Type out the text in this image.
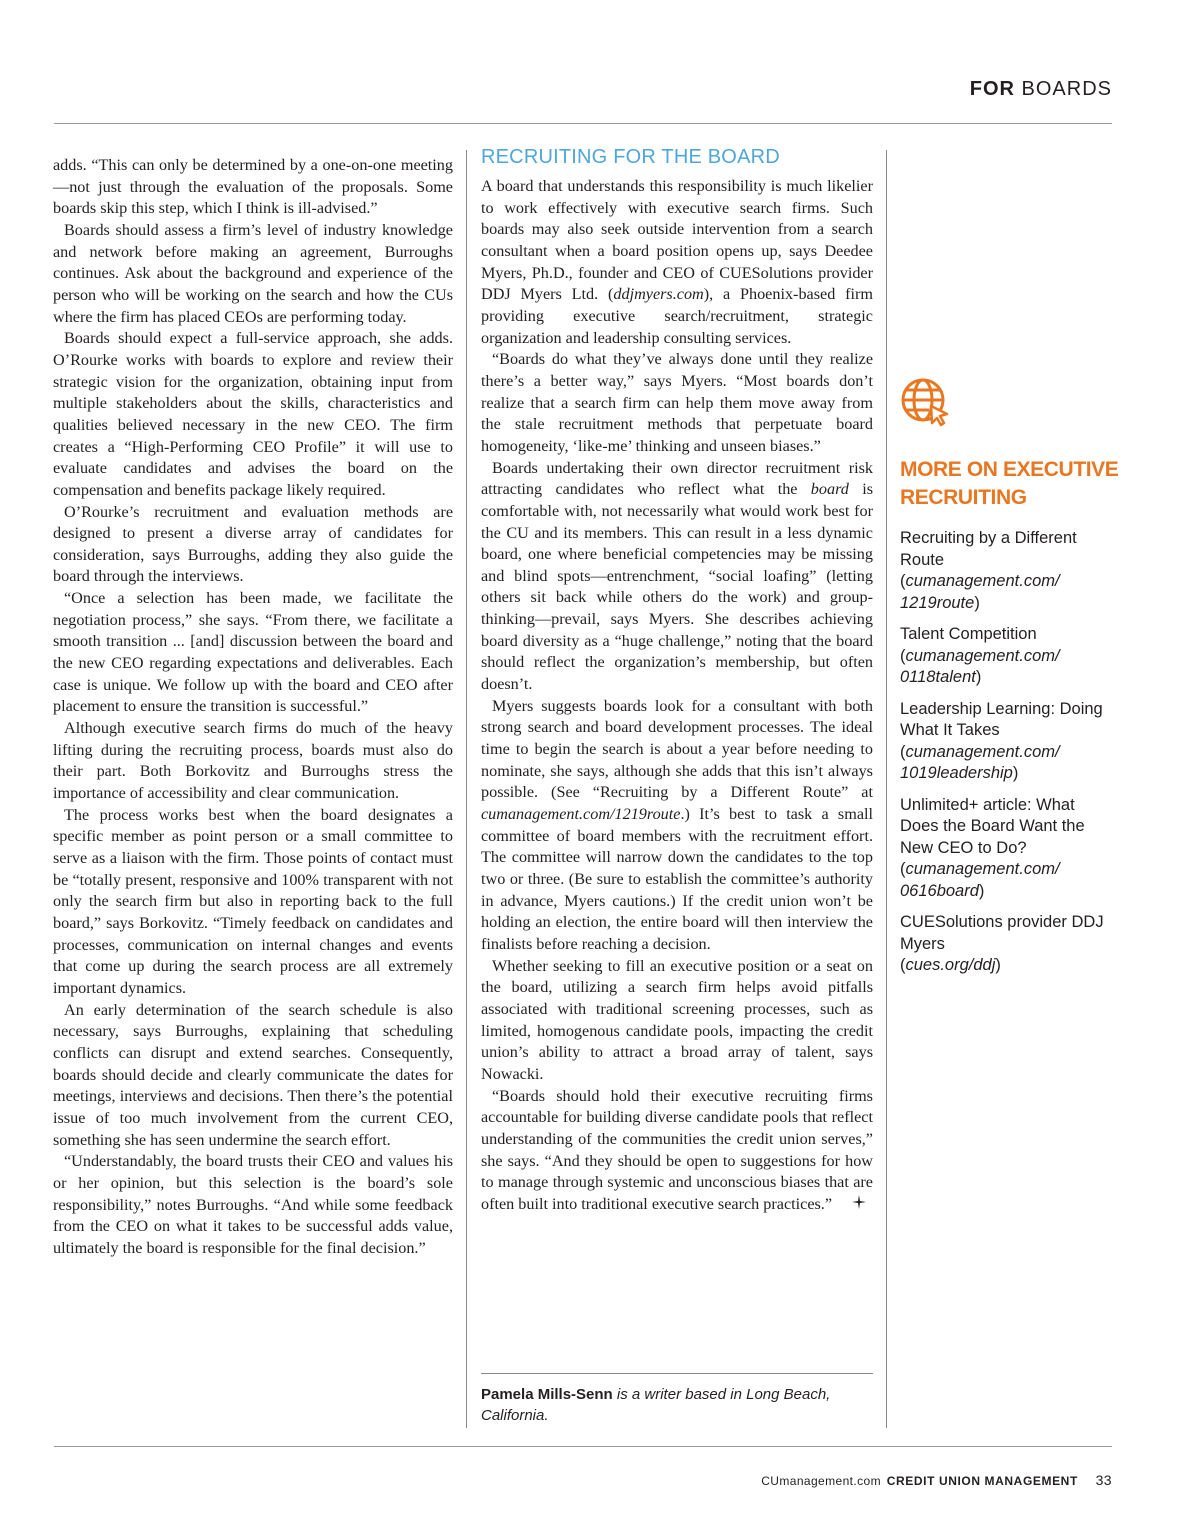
FOR BOARDS

adds. “This can only be determined by a one-on-one meeting—not just through the evaluation of the proposals. Some boards skip this step, which I think is ill-advised.”

Boards should assess a firm’s level of industry knowledge and network before making an agreement, Burroughs continues. Ask about the background and experience of the person who will be working on the search and how the CUs where the firm has placed CEOs are performing today.

Boards should expect a full-service approach, she adds. O’Rourke works with boards to explore and review their strategic vision for the organization, obtaining input from multiple stakeholders about the skills, characteristics and qualities believed necessary in the new CEO. The firm creates a “High-Performing CEO Profile” it will use to evaluate candidates and advises the board on the compensation and benefits package likely required.

O’Rourke’s recruitment and evaluation methods are designed to present a diverse array of candidates for consideration, says Burroughs, adding they also guide the board through the interviews.

“Once a selection has been made, we facilitate the negotiation process,” she says. “From there, we facilitate a smooth transition ... [and] discussion between the board and the new CEO regarding expectations and deliverables. Each case is unique. We follow up with the board and CEO after placement to ensure the transition is successful.”

Although executive search firms do much of the heavy lifting during the recruiting process, boards must also do their part. Both Borkovitz and Burroughs stress the importance of accessibility and clear communication.

The process works best when the board designates a specific member as point person or a small committee to serve as a liaison with the firm. Those points of contact must be “totally present, responsive and 100% transparent with not only the search firm but also in reporting back to the full board,” says Borkovitz. “Timely feedback on candidates and processes, communication on internal changes and events that come up during the search process are all extremely important dynamics.

An early determination of the search schedule is also necessary, says Burroughs, explaining that scheduling conflicts can disrupt and extend searches. Consequently, boards should decide and clearly communicate the dates for meetings, interviews and decisions. Then there’s the potential issue of too much involvement from the current CEO, something she has seen undermine the search effort.

“Understandably, the board trusts their CEO and values his or her opinion, but this selection is the board’s sole responsibility,” notes Burroughs. “And while some feedback from the CEO on what it takes to be successful adds value, ultimately the board is responsible for the final decision.”

RECRUITING FOR THE BOARD

A board that understands this responsibility is much likelier to work effectively with executive search firms. Such boards may also seek outside intervention from a search consultant when a board position opens up, says Deedee Myers, Ph.D., founder and CEO of CUESolutions provider DDJ Myers Ltd. (ddjmyers.com), a Phoenix-based firm providing executive search/recruitment, strategic organization and leadership consulting services.

“Boards do what they’ve always done until they realize there’s a better way,” says Myers. “Most boards don’t realize that a search firm can help them move away from the stale recruitment methods that perpetuate board homogeneity, ‘like-me’ thinking and unseen biases.”

Boards undertaking their own director recruitment risk attracting candidates who reflect what the board is comfortable with, not necessarily what would work best for the CU and its members. This can result in a less dynamic board, one where beneficial competencies may be missing and blind spots—entrenchment, “social loafing” (letting others sit back while others do the work) and group-thinking—prevail, says Myers. She describes achieving board diversity as a “huge challenge,” noting that the board should reflect the organization’s membership, but often doesn’t.

Myers suggests boards look for a consultant with both strong search and board development processes. The ideal time to begin the search is about a year before needing to nominate, she says, although she adds that this isn’t always possible. (See “Recruiting by a Different Route” at cumanagement.com/1219route.) It’s best to task a small committee of board members with the recruitment effort. The committee will narrow down the candidates to the top two or three. (Be sure to establish the committee’s authority in advance, Myers cautions.) If the credit union won’t be holding an election, the entire board will then interview the finalists before reaching a decision.

Whether seeking to fill an executive position or a seat on the board, utilizing a search firm helps avoid pitfalls associated with traditional screening processes, such as limited, homogenous candidate pools, impacting the credit union’s ability to attract a broad array of talent, says Nowacki.

“Boards should hold their executive recruiting firms accountable for building diverse candidate pools that reflect understanding of the communities the credit union serves,” she says. “And they should be open to suggestions for how to manage through systemic and unconscious biases that are often built into traditional executive search practices.”

Pamela Mills-Senn is a writer based in Long Beach, California.
MORE ON EXECUTIVE RECRUITING
Recruiting by a Different Route
(cumanagement.com/ 1219route)
Talent Competition
(cumanagement.com/ 0118talent)
Leadership Learning: Doing What It Takes
(cumanagement.com/ 1019leadership)
Unlimited+ article: What Does the Board Want the New CEO to Do?
(cumanagement.com/ 0616board)
CUESolutions provider DDJ Myers
(cues.org/ddj)
CUmanagement.com CREDIT UNION MANAGEMENT 33
